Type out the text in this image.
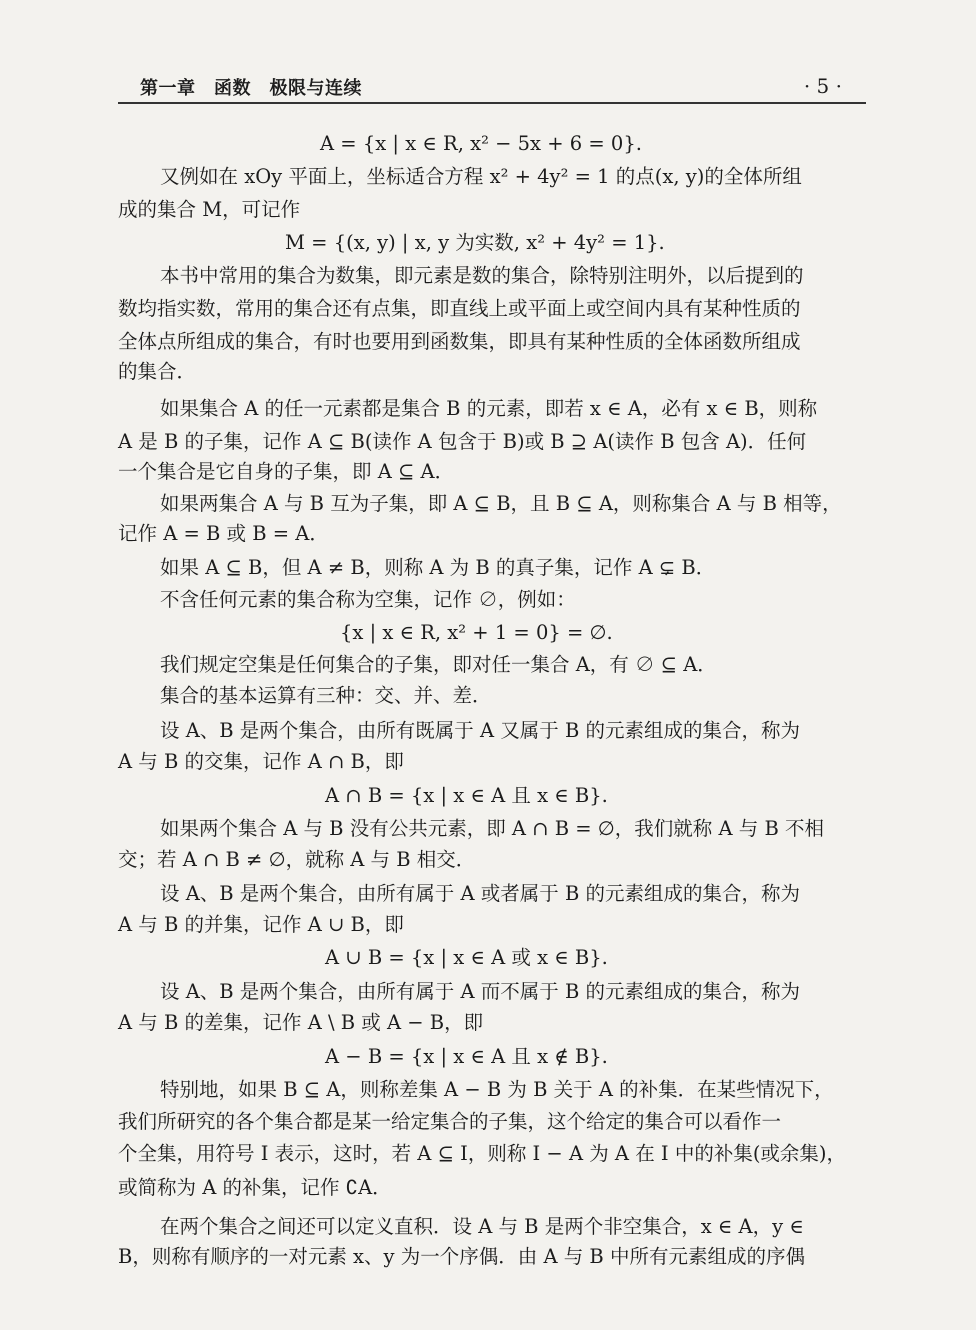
第一章　函数　极限与连续	· 5 ·
A = {x | x ∈ R, x² − 5x + 6 = 0}.
又例如在 xOy 平面上，坐标适合方程 x² + 4y² = 1 的点(x, y)的全体所组
成的集合 M，可记作
M = {(x, y) | x, y 为实数, x² + 4y² = 1}.
本书中常用的集合为数集，即元素是数的集合，除特别注明外，以后提到的
数均指实数，常用的集合还有点集，即直线上或平面上或空间内具有某种性质的
全体点所组成的集合，有时也要用到函数集，即具有某种性质的全体函数所组成
的集合．
如果集合 A 的任一元素都是集合 B 的元素，即若 x ∈ A，必有 x ∈ B，则称
A 是 B 的子集，记作 A ⊆ B(读作 A 包含于 B)或 B ⊇ A(读作 B 包含 A)．任何
一个集合是它自身的子集，即 A ⊆ A．
如果两集合 A 与 B 互为子集，即 A ⊆ B，且 B ⊆ A，则称集合 A 与 B 相等，
记作 A = B 或 B = A．
如果 A ⊆ B，但 A ≠ B，则称 A 为 B 的真子集，记作 A ⊊ B．
不含任何元素的集合称为空集，记作 ∅，例如：
{x | x ∈ R, x² + 1 = 0} = ∅.
我们规定空集是任何集合的子集，即对任一集合 A，有 ∅ ⊆ A．
集合的基本运算有三种：交、并、差．
设 A、B 是两个集合，由所有既属于 A 又属于 B 的元素组成的集合，称为
A 与 B 的交集，记作 A ∩ B，即
A ∩ B = {x | x ∈ A 且 x ∈ B}.
如果两个集合 A 与 B 没有公共元素，即 A ∩ B = ∅，我们就称 A 与 B 不相
交；若 A ∩ B ≠ ∅，就称 A 与 B 相交．
设 A、B 是两个集合，由所有属于 A 或者属于 B 的元素组成的集合，称为
A 与 B 的并集，记作 A ∪ B，即
A ∪ B = {x | x ∈ A 或 x ∈ B}.
设 A、B 是两个集合，由所有属于 A 而不属于 B 的元素组成的集合，称为
A 与 B 的差集，记作 A \ B 或 A − B，即
A − B = {x | x ∈ A 且 x ∉ B}.
特别地，如果 B ⊆ A，则称差集 A − B 为 B 关于 A 的补集．在某些情况下，
我们所研究的各个集合都是某一给定集合的子集，这个给定的集合可以看作一
个全集，用符号 I 表示，这时，若 A ⊆ I，则称 I − A 为 A 在 I 中的补集(或余集)，
或简称为 A 的补集，记作 ∁A．
在两个集合之间还可以定义直积．设 A 与 B 是两个非空集合，x ∈ A，y ∈
B，则称有顺序的一对元素 x、y 为一个序偶．由 A 与 B 中所有元素组成的序偶
